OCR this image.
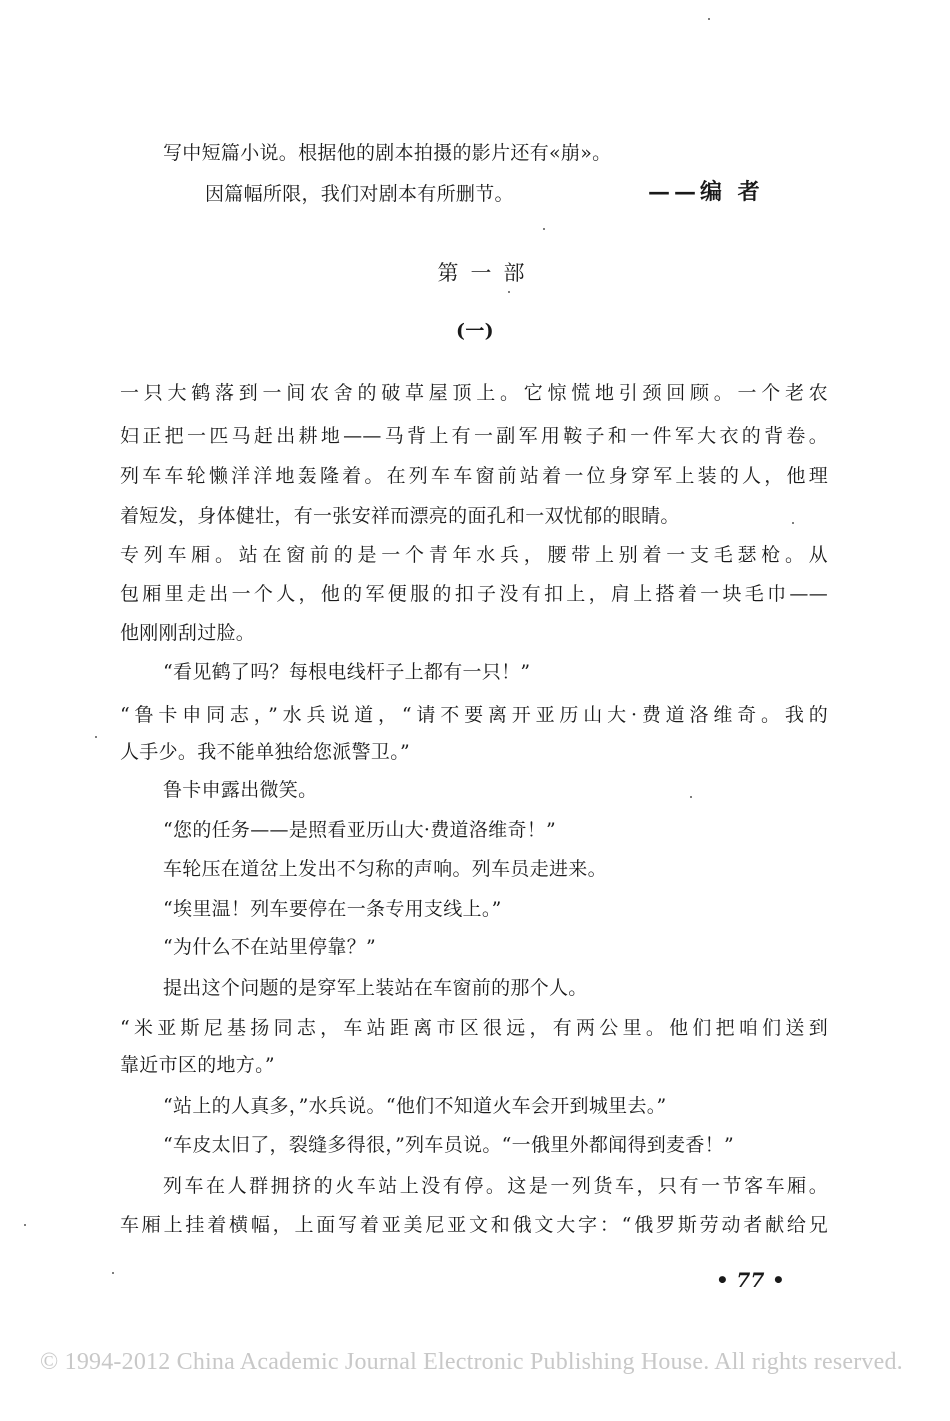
写中短篇小说。根据他的剧本拍摄的影片还有«崩»。
因篇幅所限，我们对剧本有所删节。	——编 者
第一部
(一)
一只大鹤落到一间农舍的破草屋顶上。它惊慌地引颈回顾。一个老农
妇正把一匹马赶出耕地——马背上有一副军用鞍子和一件军大衣的背卷。
列车车轮懒洋洋地轰隆着。在列车车窗前站着一位身穿军上装的人，他理
着短发，身体健壮，有一张安祥而漂亮的面孔和一双忧郁的眼睛。
专列车厢。站在窗前的是一个青年水兵，腰带上别着一支毛瑟枪。从
包厢里走出一个人，他的军便服的扣子没有扣上，肩上搭着一块毛巾——
他刚刚刮过脸。
“看见鹤了吗？每根电线杆子上都有一只！”
“鲁卡申同志，”水兵说道，“请不要离开亚历山大·费道洛维奇。我的
人手少。我不能单独给您派警卫。”
鲁卡申露出微笑。
“您的任务——是照看亚历山大·费道洛维奇！”
车轮压在道岔上发出不匀称的声响。列车员走进来。
“埃里温！列车要停在一条专用支线上。”
“为什么不在站里停靠？”
提出这个问题的是穿军上装站在车窗前的那个人。
“米亚斯尼基扬同志，车站距离市区很远，有两公里。他们把咱们送到
靠近市区的地方。”
“站上的人真多，”水兵说。“他们不知道火车会开到城里去。”
“车皮太旧了，裂缝多得很，”列车员说。“一俄里外都闻得到麦香！”
列车在人群拥挤的火车站上没有停。这是一列货车，只有一节客车厢。
车厢上挂着横幅，上面写着亚美尼亚文和俄文大字：“俄罗斯劳动者献给兄
• 77 •
© 1994-2012 China Academic Journal Electronic Publishing House. All rights reserved.
